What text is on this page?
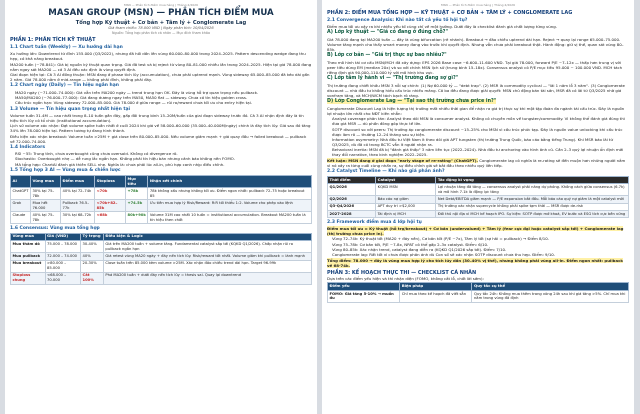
MSN — Phân tích điểm mua hàng | Tháng 4/2026
MASAN GROUP (MSN) — PHÂN TÍCH ĐIỂM MUA
Tổng hợp Kỹ thuật + Cơ bản + Tâm lý + Conglomerate Lag
Giá tham chiếu: 78.000 VND | Ngày phân tích: 10/04/2026
Nguồn: Tổng hợp phân tích cá nhân — Mục đích tham khảo
PHẦN 1: PHÂN TÍCH KỸ THUẬT
1.1 Chart tuần (Weekly) — Xu hướng dài hạn
Xu hướng lớn: Downtrend từ đỉnh 155.000 (Q3/2022), nhưng đã hồi dần lên vùng 60.000–80.000 trong 2024–2025. Pattern descending wedge đang thu hẹp, có khả năng breakout.
MA200 tuần (~78.841): Giá bị nguồn kỹ thuật quan trọng. Giá đã test và bị reject từ vùng 80–81.000 nhiều lần trong 2024–2025. Hiện tại giá 78.000 đang nằm ngay sát MA200 — cả 3 AI đều xác định là vùng quyết định.
Giai đoạn hiện tại: Cả 3 AI đồng thuận: MSN đang ở phase tích lũy (accumulation), chưa phải uptrend mạnh. Vùng sideway 65.000–85.000 đã kéo dài gần 2 năm. Giá 78.000 nằm ở mid-range — không phải đỉnh, không phải đáy.
1.2 Chart ngày (Daily) — Tín hiệu ngắn hạn
MA20 ngày (~71.000–74.000): Giá vẫn trên MA200 ngày — trend trung hạn OK. Đây là vùng hỗ trợ quan trọng nếu pullback.
MA50/MA200 (~76.000–77.000): Giá đang dương ngay trên MA50, MA50 flat — sideway. Chưa có tín hiệu golden cross.
Cấu trúc ngắn hạn: Vùng sideway 72.000–85.000. Giá 78.000 ở giữa range — rủi ro/reward chưa tối ưu cho entry hiện tại.
1.3 Volume — Tín hiệu quan trọng nhất hiện tại
Volume tuần 31.4M — cao nhất trong 8–10 tuần gần đây, gấp đôi trung bình 15–20M/tuần của giai đoạn sideway trước đó. Cả 3 AI nhận định đây là tín hiệu tích lũy có tổ chức (institutional accumulation).
Lịch sử volume xác nhận: Đợt volume spike tuần nhất ở cuối 2024 khi giá về 58.000–60.000 (35.000–40.000M/ngày) chính là đáy tích lũy. Giá sau đó tăng 34% lên 78.000 hiện tại. Pattern tương tự đang hình thành.
Điều kiện xác nhận breakout: Volume tuần >25M + giá close trên 80.000–85.000. Nếu volume giảm mạnh + giá quay đầu → failed breakout — pullback về 72.000–74.000.
1.4 Indicators
RSI ~55: Trung tính, chưa overbought cũng chưa oversold. Không có divergence rõ.
Stochastic: Overbought nhẹ — dễ rung lắc ngắn hạn. Không phải tín hiệu bán nhưng cảnh báo không nên FOMO.
MA tổng hợp: ChartAI đánh giá thiên SELL nhẹ. Nghĩa là: chưa phải lúc all-in, phù hợp canh nhịp điều chỉnh.
1.5 Tổng hợp 3 AI — Vùng mua & chiến lược
AI	Vùng mua	Điểm mua	Stoploss	Mục tiêu	Nhận xét chính
ChatGPT	30% tại 75–78k	40% tại 72–74k	<70k	+78k	78k không xấu nhưng không tối ưu. Điểm ngon nhất: pullback 72–75 hoặc breakout 85
Grok	Mua hết 76.000	Pullback 76.5–77k	<70k+82–85k	+74.5k	Ưu tiên mua hợp lý Risk/Reward: R:R tối thiểu 1:2. Volume cho phép vào lệnh
Claude	40% tại 75–78k	30% tại 68–72k	<68k	80k+90k	Volume 31M cao nhất 10 tuần = institutional accumulation. Breakout MA200 tuần là tín hiệu then chốt
1.6 Consensus: Vùng mua tổng hợp
Vùng mua	Giá (VND)	Tỷ trọng	Điều kiện & Logic
Mua thăm dò	75.000 – 78.000	30-40%	Giá trên MA200 tuần + volume tăng. Fundamental catalyst sắp tới (KQKD Q1/2026). Chấp nhận rủi ro pullback ngắn hạn
Mua pullback	72.000 – 74.000	40%	Giá retest vùng MA20 ngày + đáy nền tích lũy. Risk/reward tốt nhất. Volume giảm khi pullback = lành mạnh
Mua breakout	>80.000 – 85.000	20-30%	Close tuần trên 85.000 kèm volume >25M. Xác nhận đảo chiều trend dài hạn. Target 96-99k
Stoploss chung	<68.000 – 70.000	Cắt 100%	Phá MA200 tuần + dưới đáy nền tích lũy = thesis sai. Quay lại downtrend
MSN — Phân tích điểm mua hàng | Tháng 4/2026
PHẦN 2: ĐIỂM MUA TỔNG HỢP — KỸ THUẬT + CƠ BẢN + TÂM LÝ + CONGLOMERATE LAG
2.1 Convergence Analysis: Khi nào tất cả yếu tố hội tụ?
Điểm mua tối ưu xảy ra khi nhiều yếu tố cùng chỉ về một hướng. Dưới đây là checklist đánh giá chất lượng từng vùng.
A) Lớp kỹ thuật — "Giá có đang ở đúng chỗ?"
Giá 78.000 đang tại MA200 tuần — đây là vùng bifurcation (rẽ nhánh). Breakout → đảo chiều uptrend dài hạn. Reject → quay lại range 65.000–75.000. Volume tăng mạnh cho thấy smart money đang vào trước khi quyết định. Nhưng vẫn chưa phải breakout thật. Hành động: giữ vị thế, quan sát vùng 80–85k.
B) Lớp cơ bản — "Giá trị thực sự bao nhiêu?"
Theo mô hình tái cơ cấu MSN/MCH đã xây dựng: EPS 2026 Base case ~6.600–11.600 VND. Tại giá 78.000, forward P/E ~7–12x — thấp hơn trung vị với peer tiêu dùng EM (median 20x) và so với chính MSN lịch sử (trung bình 15–18x). Consensus analyst có P/E mục tiêu 95.000 ~ 100.000 VND. MCH tách riêng định giá 90.000–110.000 tỷ với mô hình khu vực.
C) Lớp tâm lý hành vi — "Thị trường đang sợ gì?"
Thị trường đang chiết khấu MSN 3 nỗi sợ chính: (1) Nợ 60.000 tỷ — "debt trap". (2) MSR là commodity cyclical — "lãi 1 năm lỗ 3 năm". (3) Conglomerate discount — nhà đầu tư không hiểu cấu trúc nhiều mảng. Cả ba đều đang được giải quyết: MSN chủ động bán tài sản, MSR đã có lãi từ Q3/2025 nhờ giá vonfram tăng, và MCH/WCM tách bạch rõ ràng.
D) Lớp Conglomerate Lag — "Tại sao thị trường chưa price in?"
Conglomerate Discount Lag là hiện tượng thị trường mất nhiều thời gian để nhận ra giá trị thực sự khi một tập đoàn đa ngành tái cấu trúc. Đây là nguồn lợi nhuận lớn nhất cho NĐT kiên nhẫn:
Analyst coverage phân tán: Analyst theo dõi MSN là consumer analyst. Không có chuyên môn về tungsten/commodity. Vì không thể đánh giá đúng thì đưa giá MSR — dù phần đóng góp thực tế lớn.
SOTP discount so với peers: Thị trường áp conglomerate discount ~15–25% cho MSN vì cấu trúc phức tạp. Đây là nguồn value unlocking khi cấu trúc được làm rõ — thường 12–24 tháng sau sự kiện.
Information asymmetry: Nhà đầu tư Việt Nam ít theo dõi giá APT tungsten (thị trường Trung Quốc, báo cáo bằng tiếng Trung). Khi MSR báo lãi từ Q3/2025, dù đã có trong BCTC vẫn ít người nhận ra.
Behavioral inertia: MSN đã bị "đánh giá thấp" 3 năm liên tục (2022–2024). Nhà đầu tư anchoring vào hình ảnh cũ. Cần 2–3 quý lợi nhuận ổn định mới thay đổi narrative, theo kinh nghiệm 2022–2025.
Kết luận: MSN đang ở giai đoạn "early stage of re-rating" (ChatGPT). Conglomerate lag có nghĩa là re-rating sẽ đến muộn hơn những người nắm vì nó xảy ra từng cuối cùng nhấn ra, sự điều chỉnh giá sẽ bắt đầu theo nhiều quý liên tiếp.
2.2 Catalyst Timeline — Khi nào giá phản ánh?
Thời điểm	Catalyst	Tác động kì vọng
Q1/2026	KQKD MSN	Lợi nhuận tăng đã tăng — consensus analyst phải nâng dự phóng. Không cách giữa consensus (6.7k) và mô hình 7.1k là động lực tăng
Q2/2026	Báo cáo nợ giảm	Net Debt/EBITDA giảm mạnh — P/E expansion bắt đầu. Mỗi báo cáo quý nợ giảm là một catalyst mới
Q3-Q4/2026	APT duy trì >$2,000	Thị trường xác nhận supercycle không phải spike tạm thời — MSR được de-risk
2027-2028	Tái định vị MCH	Đối thủ nội địa vì MCH kế hoạch IPO. Sự kiện: SOTP được mở khoá, EV bước và ESG tích cực bền vững
2.3 Framework điểm mua 4 lớp hội tụ
Điểm mua tối ưu = Kỹ thuật (hỗ trợ/breakout) + Cơ bản (undervalued) + Tâm lý (fear cực đại hoặc catalyst sắp tới) + Conglomerate lag (thị trường chưa price in).
Vùng 72–74k: Kỹ thuật tốt (MA20 + đáy nền), Cơ bản tốt (P/E ~7x), Tâm lý tốt (sợ hãi = pullback) → Điểm 8/10.
Vùng 75–78k: Cơ bản tốt, P/E ~7-8x, NPAT có thể gấp 2–3x catalyst. Điểm: 6/10.
Vùng 80–85k: Xác nhận trend, catalyst đang diễn ra (KQKD Q1/2026 sắp tới). Điểm: 7/10.
Conglomerate lag: Rất tốt vì chưa được phản ánh dù Con số sẽ xác nhận SOTP discount chưa thu hẹp. Điểm: 9/10.
Tổng điểm: 78.000 → đây là vùng mua hợp lý cho tích lũy dần (30–40% vị thế), nhưng không phải vùng all-in. Điểm ngon nhất: pullback về 68-74k.
PHẦN 3: KẾ HOẠCH THỰC THI — CHECKLIST CÁ NHÂN
Dựa trên các điểm yếu hiện và thì nhận diện (FOMO, không cắt lỗ, chốt lời sớm):
Điểm yếu	Biện pháp	Quy tắc cụ thể
FOMO: Giá tăng 5-10% → muốn đu	Chỉ mua theo kế hoạch đã viết sẵn	Quy tắc 24h: Không mua thêm trong vòng 24h sau khi giá tăng >5%. Chỉ mua khi nằm trong vùng đã định
